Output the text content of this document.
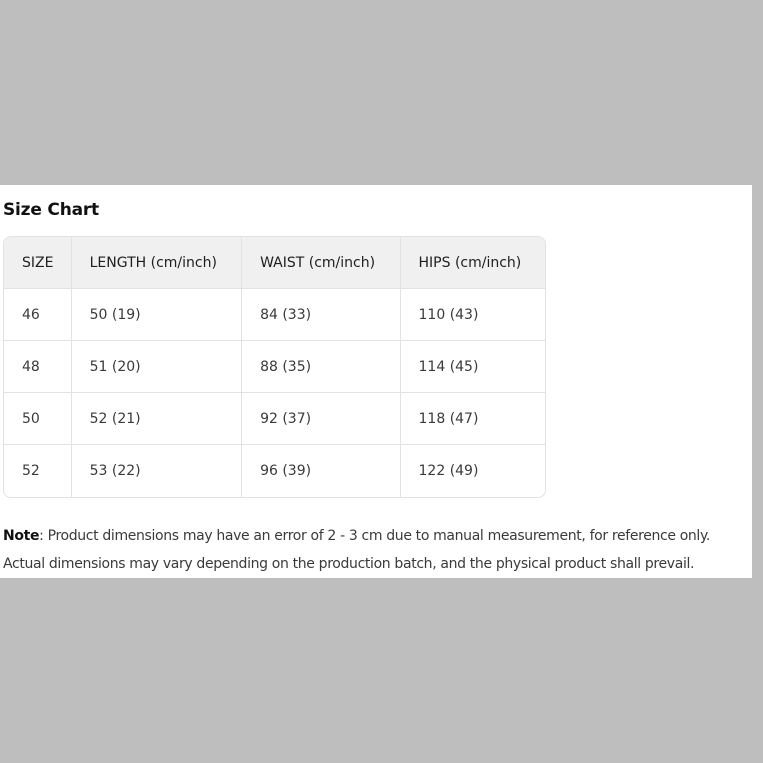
Size Chart
SIZE	LENGTH (cm/inch)	WAIST (cm/inch)	HIPS (cm/inch)
46	50 (19)	84 (33)	110 (43)
48	51 (20)	88 (35)	114 (45)
50	52 (21)	92 (37)	118 (47)
52	53 (22)	96 (39)	122 (49)

Note: Product dimensions may have an error of 2 - 3 cm due to manual measurement, for reference only.
Actual dimensions may vary depending on the production batch, and the physical product shall prevail.
